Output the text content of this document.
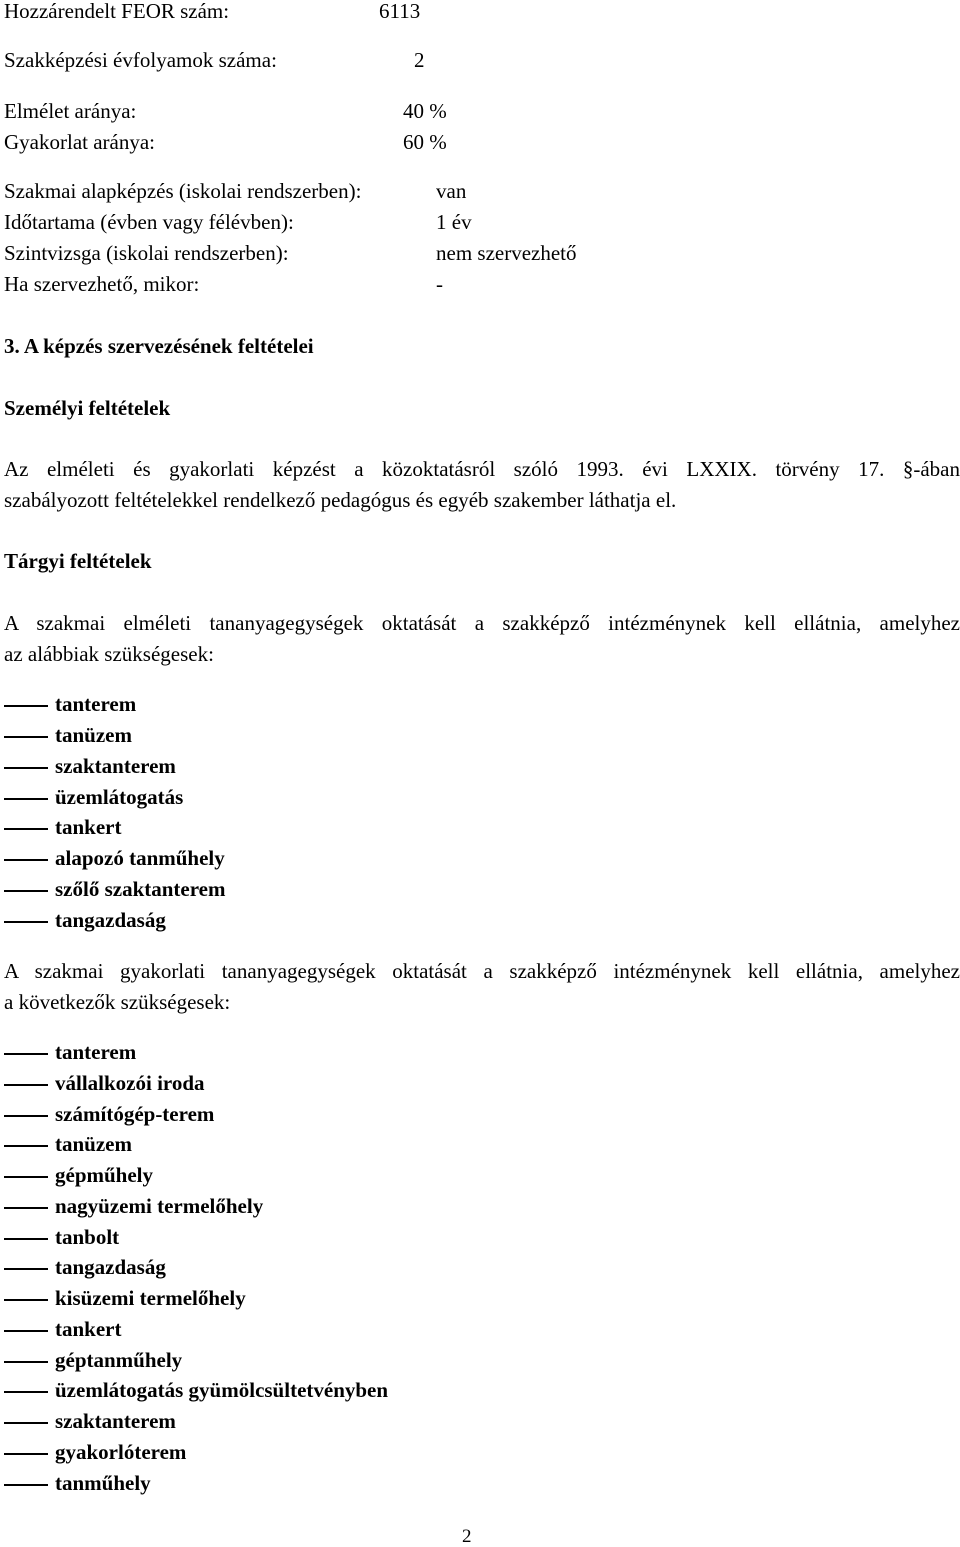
Hozzárendelt FEOR szám:	6113
Szakképzési évfolyamok száma:	2
Elmélet aránya:	40 %
Gyakorlat aránya:	60 %
Szakmai alapképzés (iskolai rendszerben):	van
Időtartama (évben vagy félévben):	1 év
Szintvizsga (iskolai rendszerben):	nem szervezhető
Ha szervezhető, mikor:	-
3. A képzés szervezésének feltételei
Személyi feltételek
Az elméleti és gyakorlati képzést a közoktatásról szóló 1993. évi LXXIX. törvény 17. §-ában
szabályozott feltételekkel rendelkező pedagógus és egyéb szakember láthatja el.
Tárgyi feltételek
A szakmai elméleti tananyagegységek oktatását a szakképző intézménynek kell ellátnia, amelyhez
az alábbiak szükségesek:
tanterem
tanüzem
szaktanterem
üzemlátogatás
tankert
alapozó tanműhely
szőlő szaktanterem
tangazdaság
A szakmai gyakorlati tananyagegységek oktatását a szakképző intézménynek kell ellátnia, amelyhez
a következők szükségesek:
tanterem
vállalkozói iroda
számítógép-terem
tanüzem
gépműhely
nagyüzemi termelőhely
tanbolt
tangazdaság
kisüzemi termelőhely
tankert
géptanműhely
üzemlátogatás gyümölcsültetvényben
szaktanterem
gyakorlóterem
tanműhely
2
